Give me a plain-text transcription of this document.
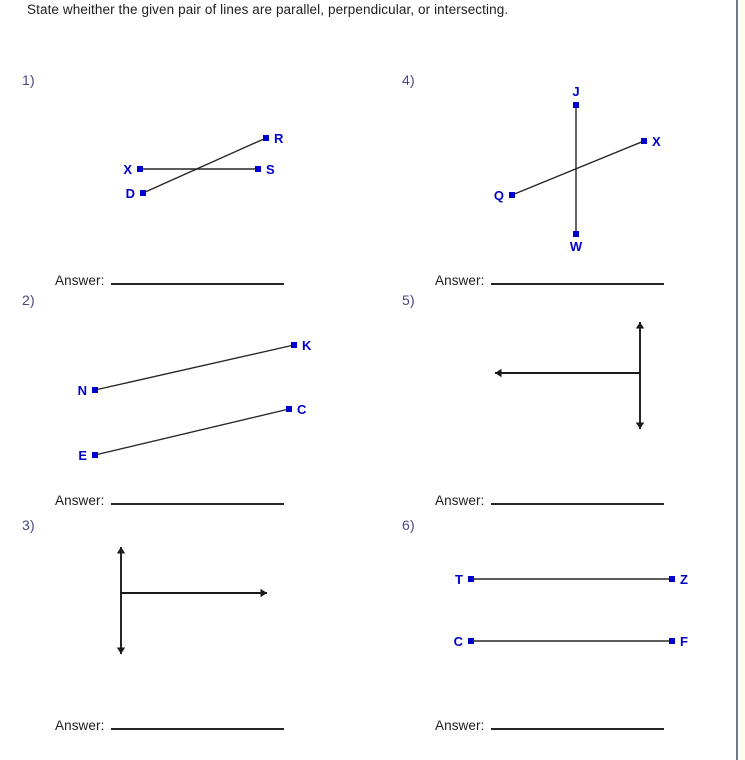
State wheither the given pair of lines are parallel, perpendicular, or intersecting.
1)
X	S
R
D
Answer:
2)
N
K
E
C
Answer:
3)
Answer:
4)
J
W
Q
X
Answer:
5)
Answer:
6)
T	Z
C	F
Answer:
